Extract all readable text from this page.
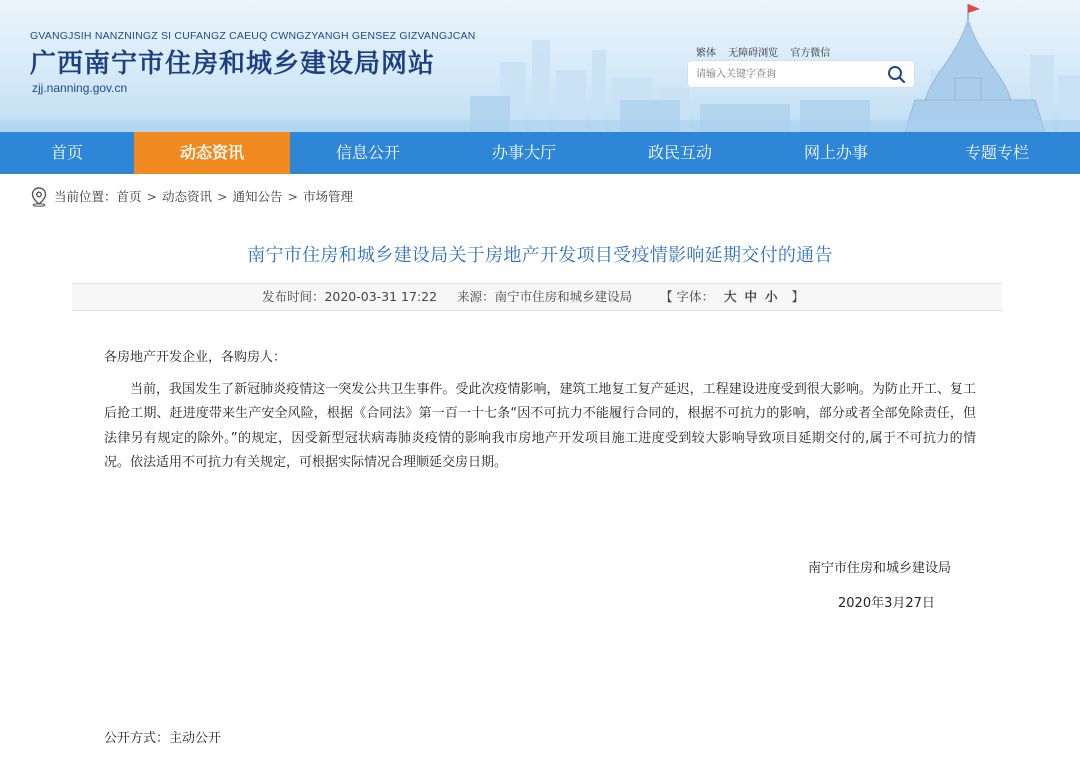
GVANGJSIH NANZNINGZ SI CUFANGZ CAEUQ CWNGZYANGH GENSEZ GIZVANGJCAN
广西南宁市住房和城乡建设局网站
zjj.nanning.gov.cn
繁体 无障碍浏览 官方微信
请输入关键字查询
首页	动态资讯	信息公开	办事大厅	政民互动	网上办事	专题专栏
当前位置： 首页 > 动态资讯 > 通知公告 > 市场管理
南宁市住房和城乡建设局关于房地产开发项目受疫情影响延期交付的通告
发布时间：2020-03-31 17:22 来源：南宁市住房和城乡建设局 【 字体： 大 中 小 】
各房地产开发企业，各购房人：
当前，我国发生了新冠肺炎疫情这一突发公共卫生事件。受此次疫情影响，建筑工地复工复产延迟，工程建设进度受到很大影响。为防止开工、复工后抢工期、赶进度带来生产安全风险，根据《合同法》第一百一十七条“因不可抗力不能履行合同的，根据不可抗力的影响，部分或者全部免除责任，但法律另有规定的除外。”的规定，因受新型冠状病毒肺炎疫情的影响我市房地产开发项目施工进度受到较大影响导致项目延期交付的,属于不可抗力的情况。依法适用不可抗力有关规定，可根据实际情况合理顺延交房日期。
南宁市住房和城乡建设局
2020年3月27日
公开方式：主动公开
